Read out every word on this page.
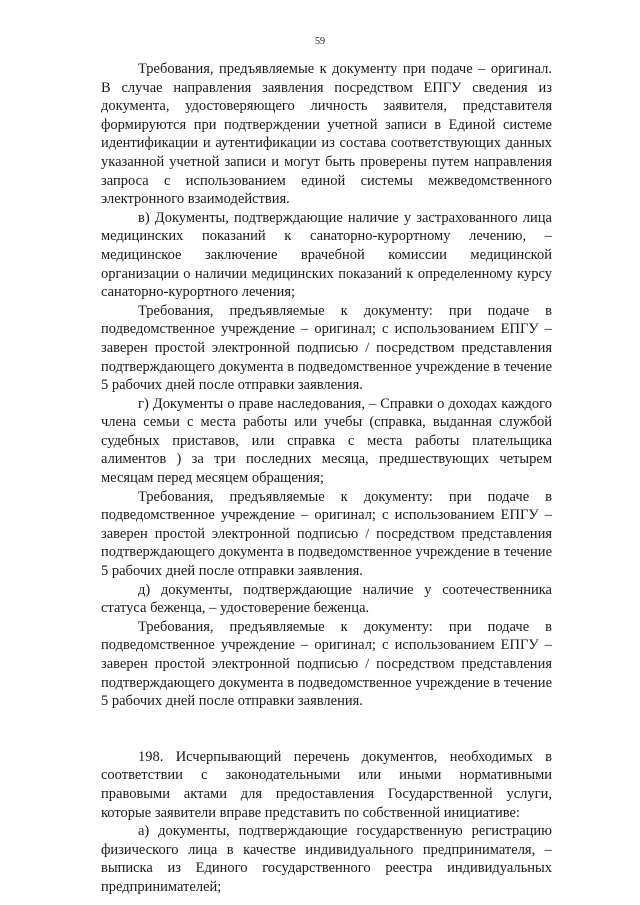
59

Требования, предъявляемые к документу при подаче – оригинал. В случае направления заявления посредством ЕПГУ сведения из документа, удостоверяющего личность заявителя, представителя формируются при подтверждении учетной записи в Единой системе идентификации и аутентификации из состава соответствующих данных указанной учетной записи и могут быть проверены путем направления запроса с использованием единой системы межведомственного электронного взаимодействия.

в) Документы, подтверждающие наличие у застрахованного лица медицинских показаний к санаторно-курортному лечению, – медицинское заключение врачебной комиссии медицинской организации о наличии медицинских показаний к определенному курсу санаторно-курортного лечения;

Требования, предъявляемые к документу: при подаче в подведомственное учреждение – оригинал; с использованием ЕПГУ – заверен простой электронной подписью / посредством представления подтверждающего документа в подведомственное учреждение в течение 5 рабочих дней после отправки заявления.

г) Документы о праве наследования, – Справки о доходах каждого члена семьи с места работы или учебы (справка, выданная службой судебных приставов, или справка с места работы плательщика алиментов ) за три последних месяца, предшествующих четырем месяцам перед месяцем обращения;

Требования, предъявляемые к документу: при подаче в подведомственное учреждение – оригинал; с использованием ЕПГУ – заверен простой электронной подписью / посредством представления подтверждающего документа в подведомственное учреждение в течение 5 рабочих дней после отправки заявления.

д) документы, подтверждающие наличие у соотечественника статуса беженца, – удостоверение беженца.

Требования, предъявляемые к документу: при подаче в подведомственное учреждение – оригинал; с использованием ЕПГУ – заверен простой электронной подписью / посредством представления подтверждающего документа в подведомственное учреждение в течение 5 рабочих дней после отправки заявления.

198. Исчерпывающий перечень документов, необходимых в соответствии с законодательными или иными нормативными правовыми актами для предоставления Государственной услуги, которые заявители вправе представить по собственной инициативе:

а) документы, подтверждающие государственную регистрацию физического лица в качестве индивидуального предпринимателя, – выписка из Единого государственного реестра индивидуальных предпринимателей;
